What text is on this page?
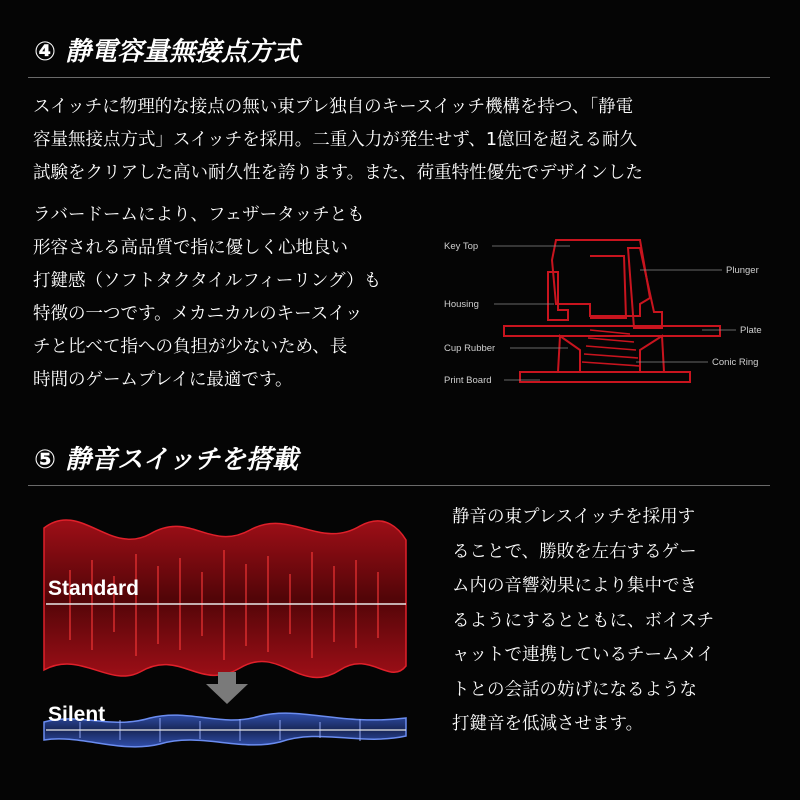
④ 静電容量無接点方式
スイッチに物理的な接点の無い東プレ独自のキースイッチ機構を持つ、「静電
容量無接点方式」スイッチを採用。二重入力が発生せず、1億回を超える耐久
試験をクリアした高い耐久性を誇ります。また、荷重特性優先でデザインした
ラバードームにより、フェザータッチとも
形容される高品質で指に優しく心地良い
打鍵感（ソフトタクタイルフィーリング）も
特徴の一つです。メカニカルのキースイッ
チと比べて指への負担が少ないため、長
時間のゲームプレイに最適です。
Key Top
Plunger
Housing
Plate
Cup Rubber
Conic Ring
Print Board
⑤ 静音スイッチを搭載
Standard
Silent
静音の東プレスイッチを採用す
ることで、勝敗を左右するゲー
ム内の音響効果により集中でき
るようにするとともに、ボイスチ
ャットで連携しているチームメイ
トとの会話の妨げになるような
打鍵音を低減させます。
